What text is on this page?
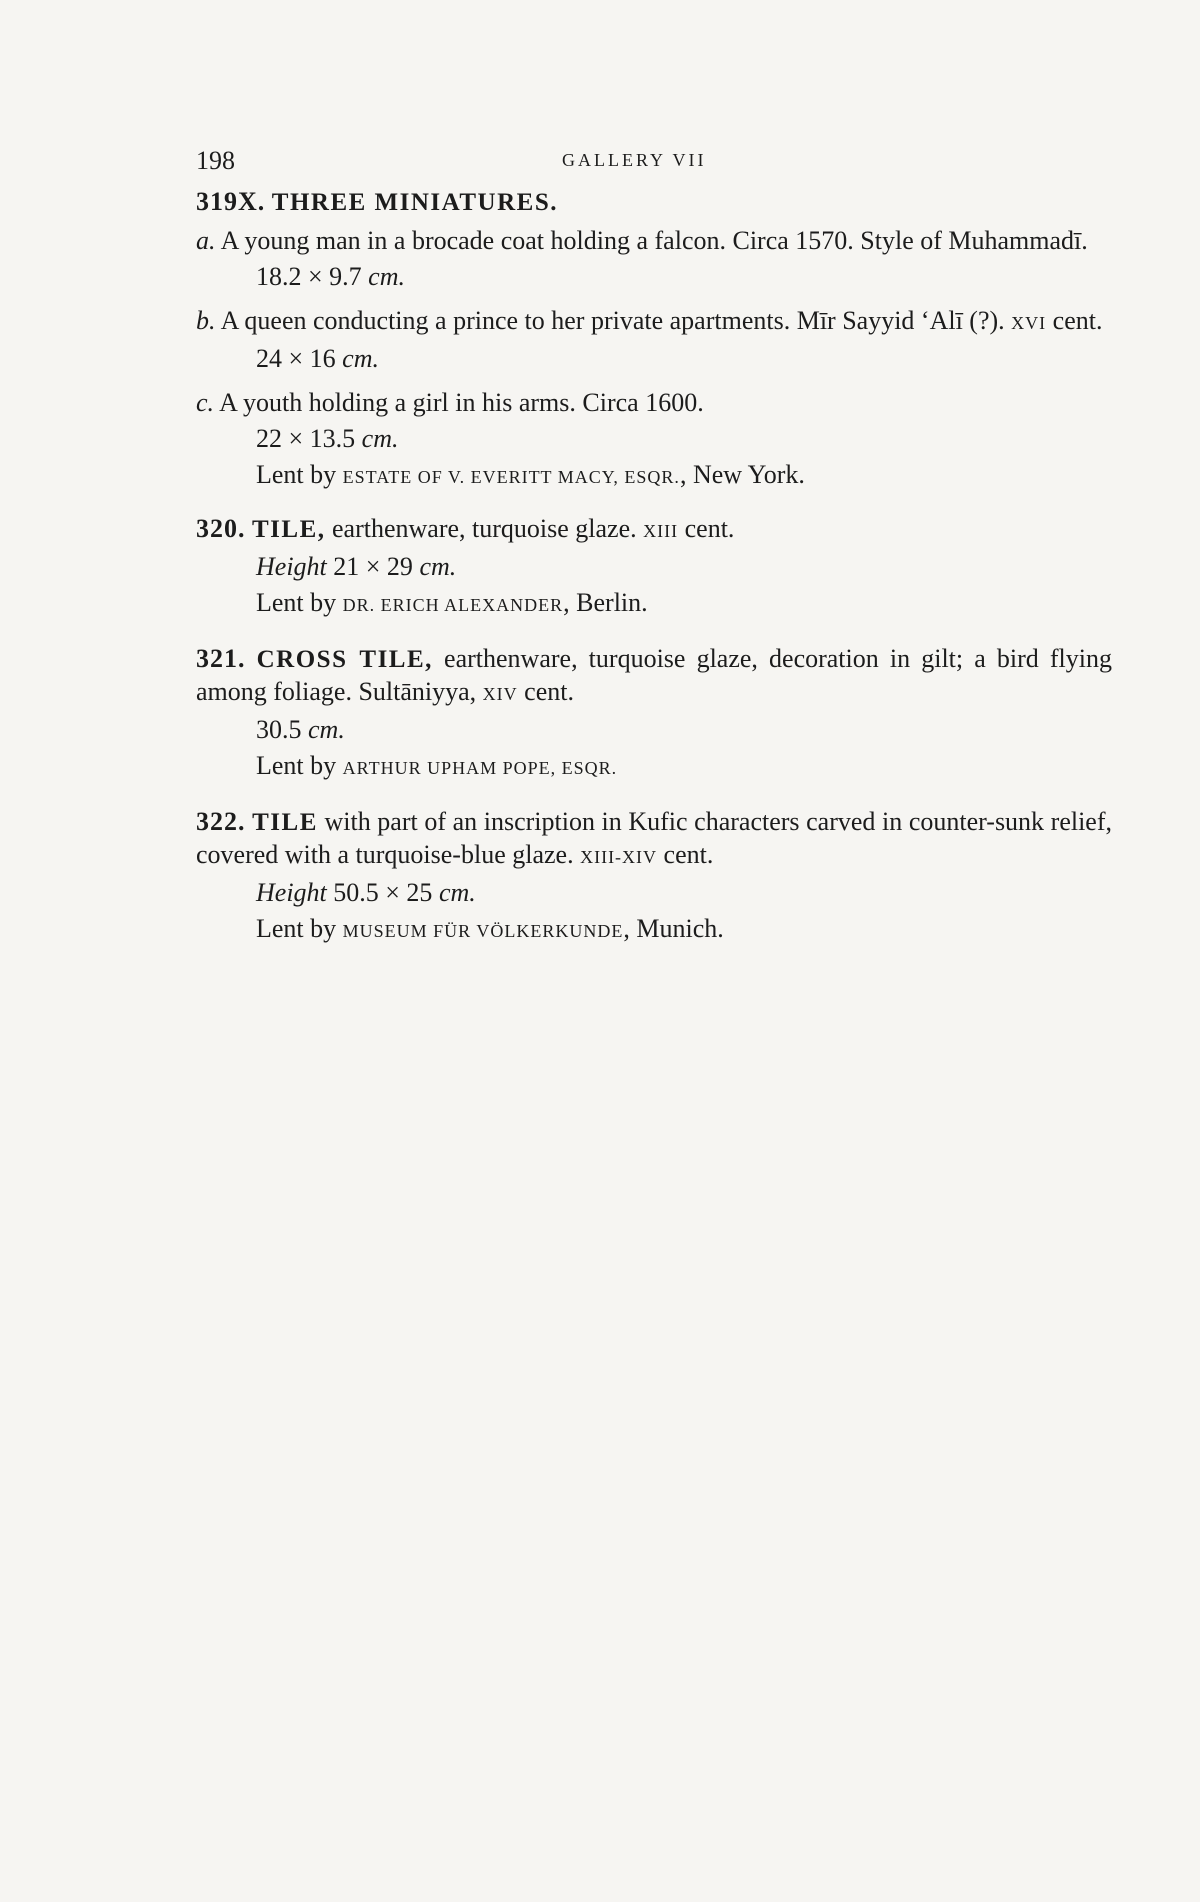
198	GALLERY VII
319X. THREE MINIATURES.
a. A young man in a brocade coat holding a falcon. Circa 1570. Style of Muhammadī.
18.2 × 9.7 cm.
b. A queen conducting a prince to her private apartments. Mīr Sayyid ‘Alī (?). XVI cent.
24 × 16 cm.
c. A youth holding a girl in his arms. Circa 1600.
22 × 13.5 cm.
Lent by ESTATE OF V. EVERITT MACY, ESQR., New York.
320. TILE, earthenware, turquoise glaze. XIII cent.
Height 21 × 29 cm.
Lent by DR. ERICH ALEXANDER, Berlin.
321. CROSS TILE, earthenware, turquoise glaze, decoration in gilt; a bird flying among foliage. Sultāniyya, XIV cent.
30.5 cm.
Lent by ARTHUR UPHAM POPE, ESQR.
322. TILE with part of an inscription in Kufic characters carved in counter-sunk relief, covered with a turquoise-blue glaze. XIII-XIV cent.
Height 50.5 × 25 cm.
Lent by MUSEUM FÜR VÖLKERKUNDE, Munich.
